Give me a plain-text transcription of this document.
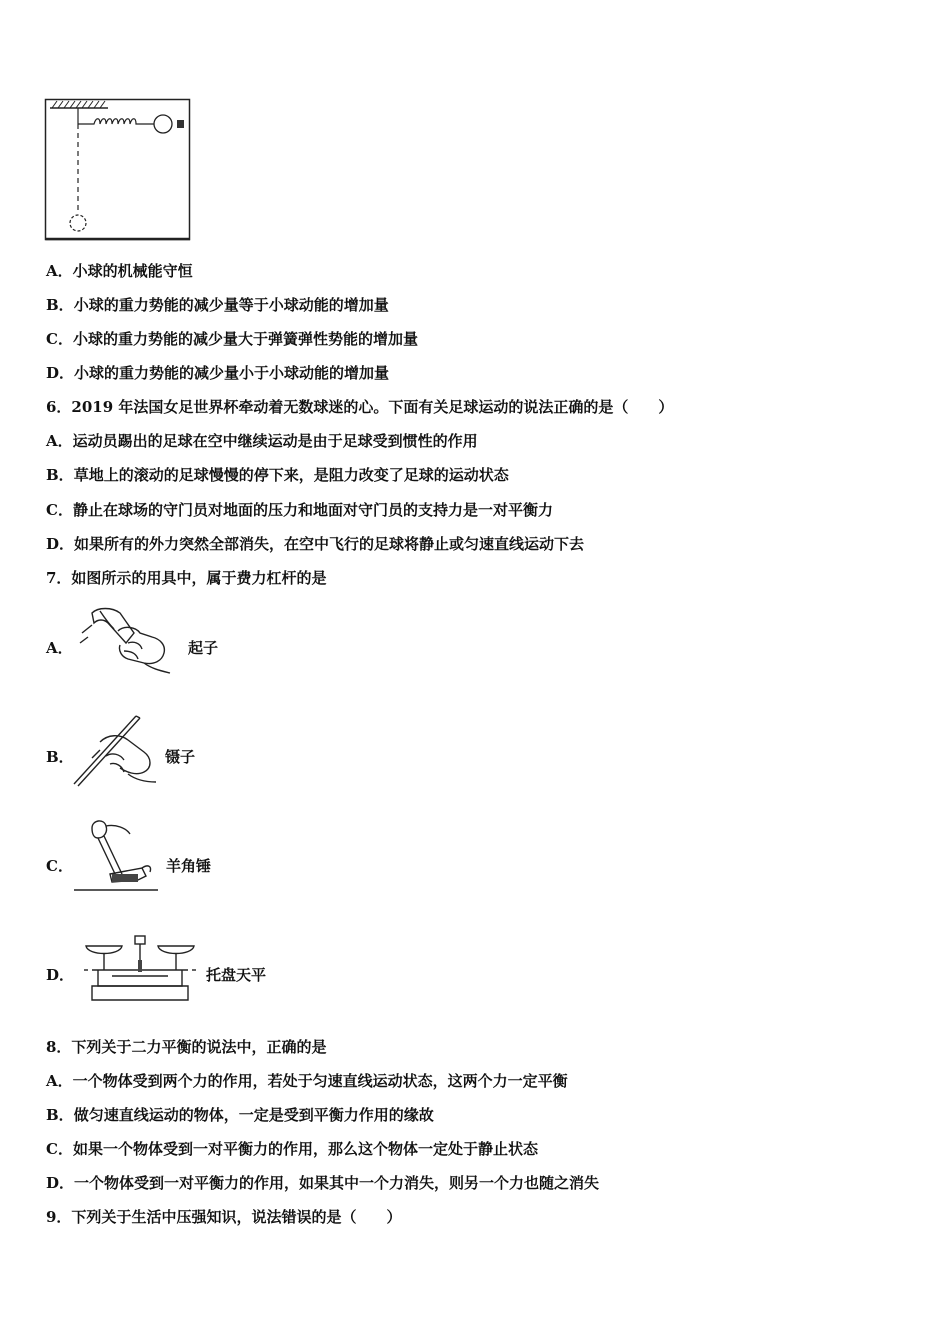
A．小球的机械能守恒
B．小球的重力势能的减少量等于小球动能的增加量
C．小球的重力势能的减少量大于弹簧弹性势能的增加量
D．小球的重力势能的减少量小于小球动能的增加量
6．2019 年法国女足世界杯牵动着无数球迷的心。下面有关足球运动的说法正确的是（　　）
A．运动员踢出的足球在空中继续运动是由于足球受到惯性的作用
B．草地上的滚动的足球慢慢的停下来，是阻力改变了足球的运动状态
C．静止在球场的守门员对地面的压力和地面对守门员的支持力是一对平衡力
D．如果所有的外力突然全部消失，在空中飞行的足球将静止或匀速直线运动下去
7．如图所示的用具中，属于费力杠杆的是
A．	起子
B．	镊子
C．	羊角锤
D．	托盘天平
8．下列关于二力平衡的说法中，正确的是
A．一个物体受到两个力的作用，若处于匀速直线运动状态，这两个力一定平衡
B．做匀速直线运动的物体，一定是受到平衡力作用的缘故
C．如果一个物体受到一对平衡力的作用，那么这个物体一定处于静止状态
D．一个物体受到一对平衡力的作用，如果其中一个力消失，则另一个力也随之消失
9．下列关于生活中压强知识，说法错误的是（　　）
